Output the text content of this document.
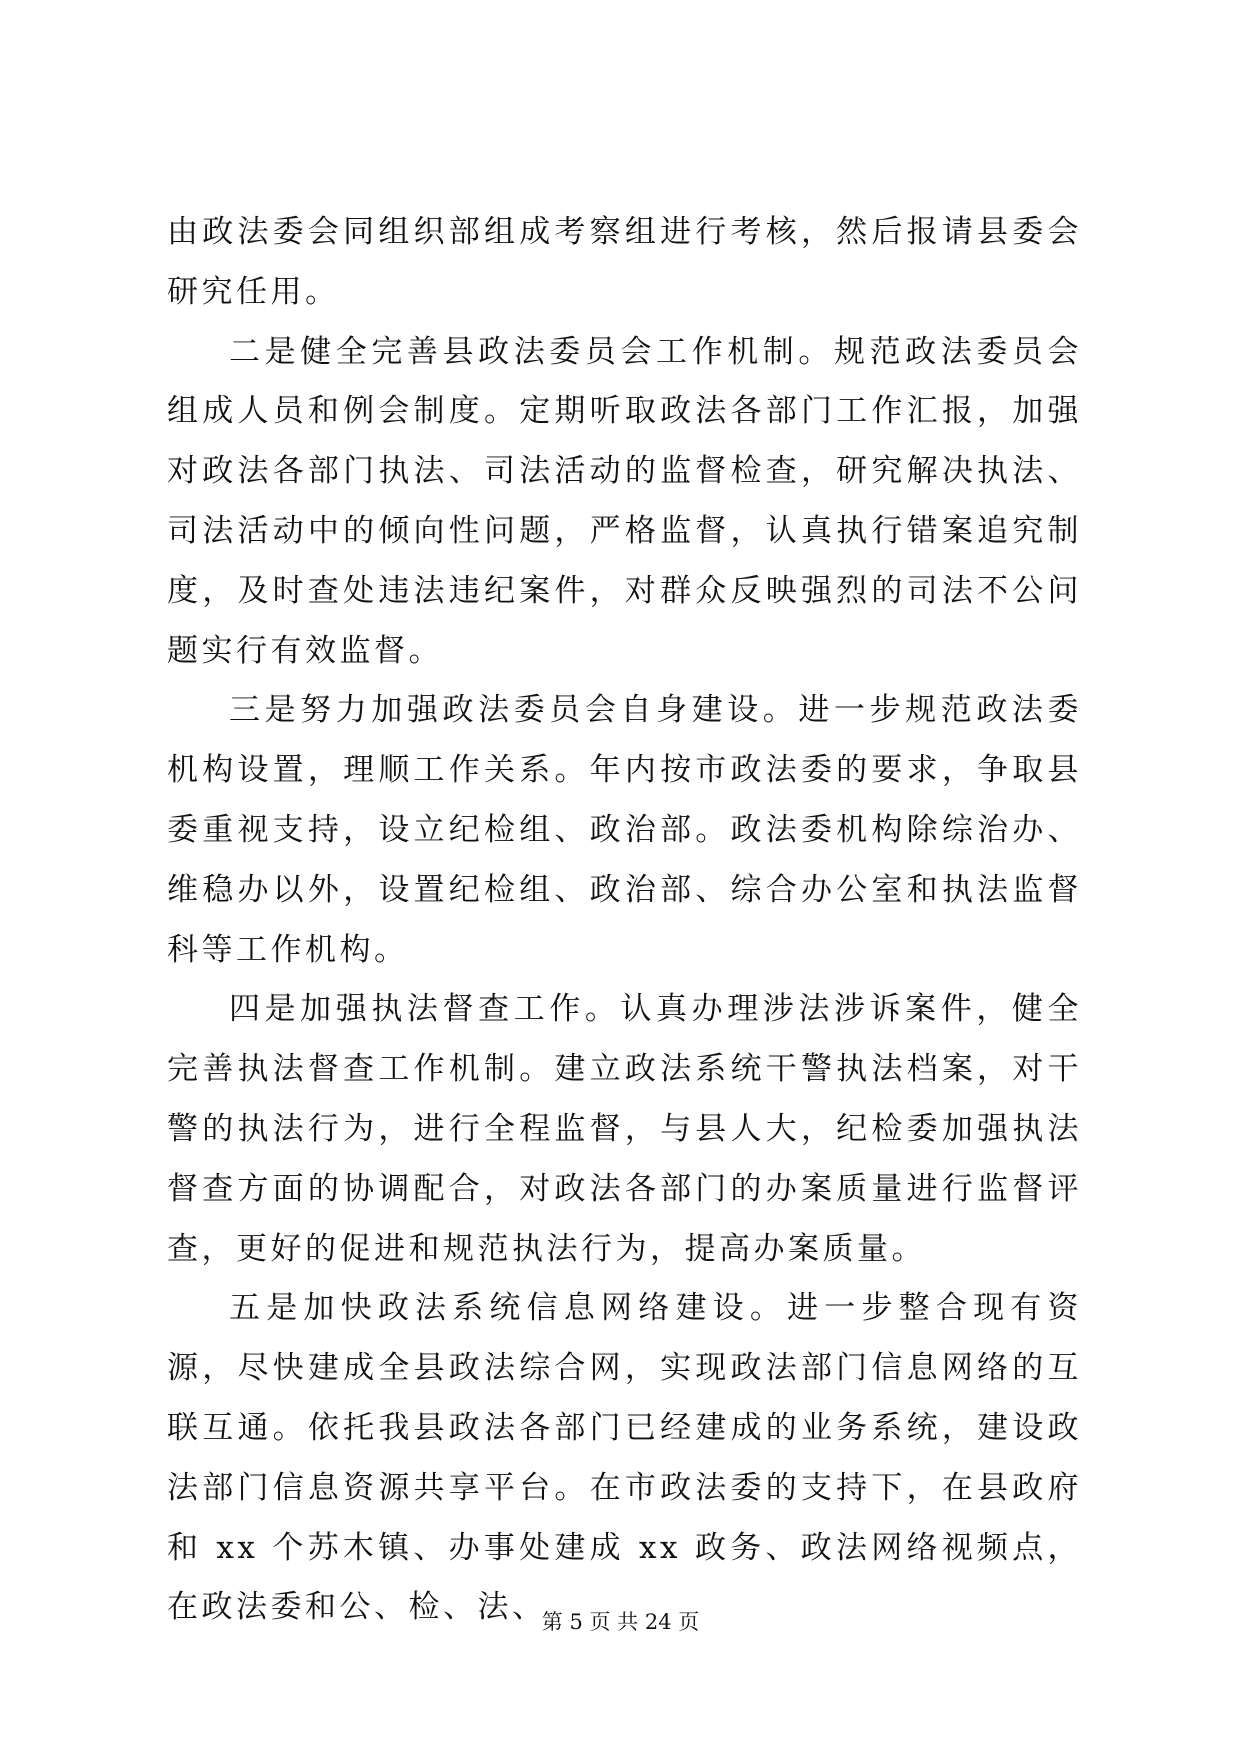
由政法委会同组织部组成考察组进行考核，然后报请县委会研究任用。

二是健全完善县政法委员会工作机制。规范政法委员会组成人员和例会制度。定期听取政法各部门工作汇报，加强对政法各部门执法、司法活动的监督检查，研究解决执法、司法活动中的倾向性问题，严格监督，认真执行错案追究制度，及时查处违法违纪案件，对群众反映强烈的司法不公问题实行有效监督。

三是努力加强政法委员会自身建设。进一步规范政法委机构设置，理顺工作关系。年内按市政法委的要求，争取县委重视支持，设立纪检组、政治部。政法委机构除综治办、维稳办以外，设置纪检组、政治部、综合办公室和执法监督科等工作机构。

四是加强执法督查工作。认真办理涉法涉诉案件，健全完善执法督查工作机制。建立政法系统干警执法档案，对干警的执法行为，进行全程监督，与县人大，纪检委加强执法督查方面的协调配合，对政法各部门的办案质量进行监督评查，更好的促进和规范执法行为，提高办案质量。

五是加快政法系统信息网络建设。进一步整合现有资源，尽快建成全县政法综合网，实现政法部门信息网络的互联互通。依托我县政法各部门已经建成的业务系统，建设政法部门信息资源共享平台。在市政法委的支持下，在县政府和 xx 个苏木镇、办事处建成 xx 政务、政法网络视频点，在政法委和公、检、法、

第 5 页 共 24 页
